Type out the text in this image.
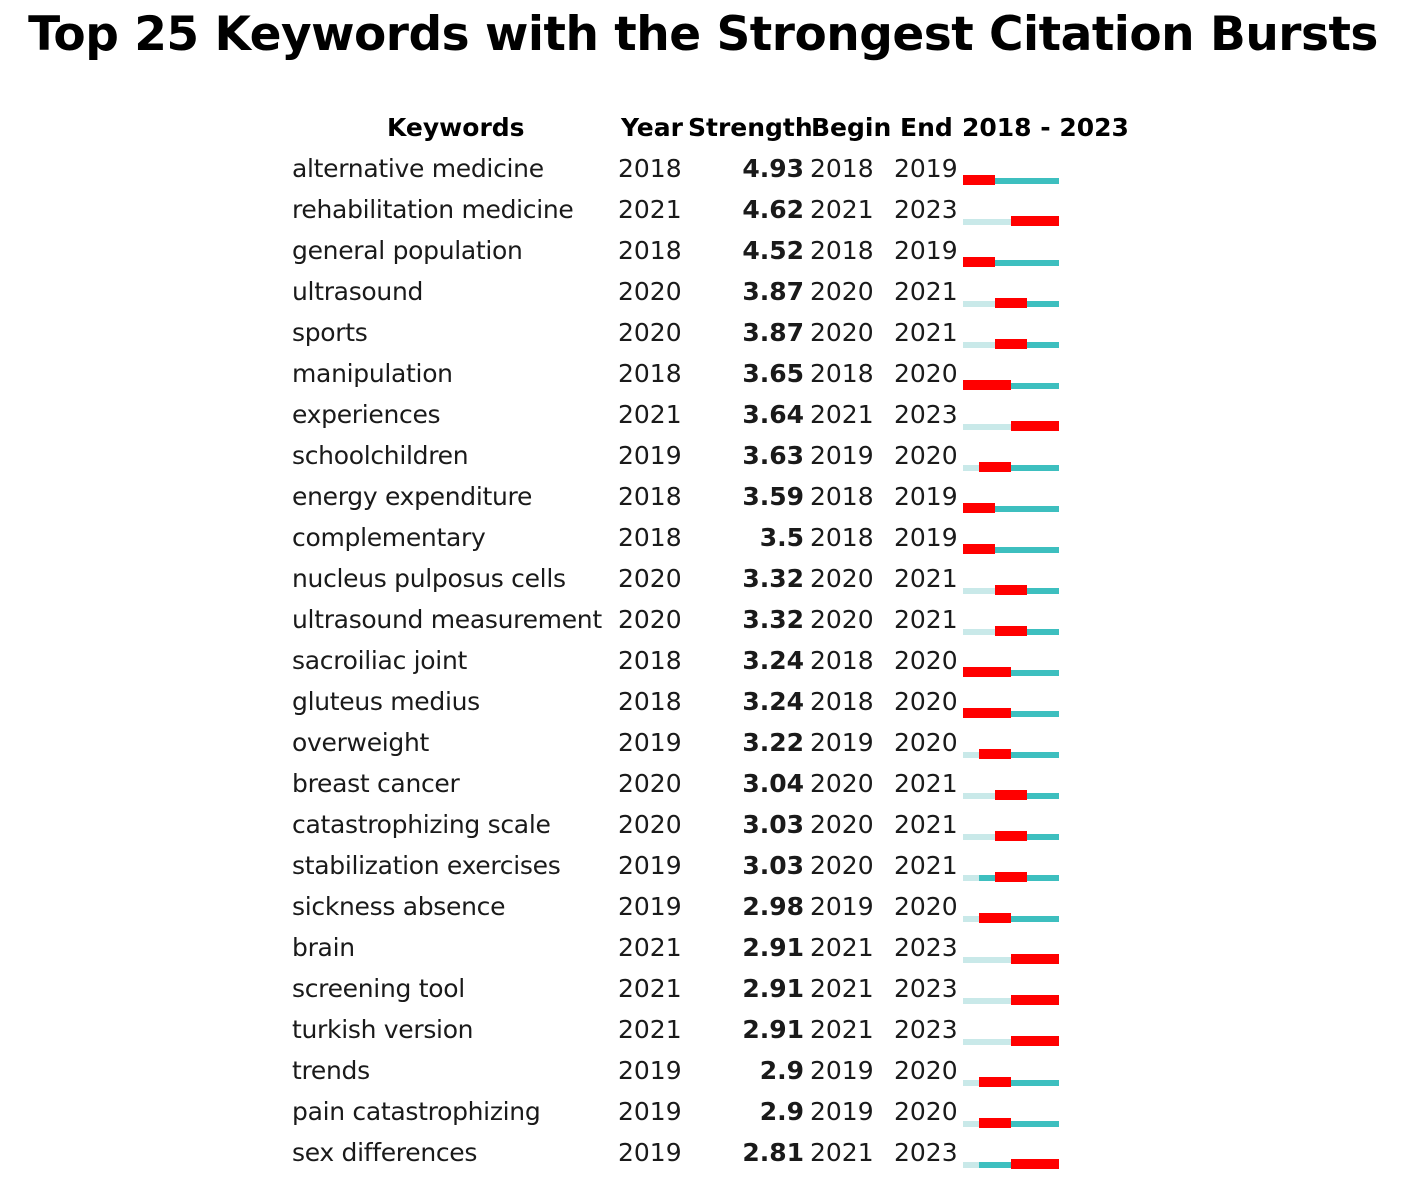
Top 25 Keywords with the Strongest Citation Bursts
Keywords	Year Strength
Begin End 2018 - 2023
alternative medicine	2018	4.93 2018 2019
rehabilitation medicine 2021	4.62 2021 2023
general population	2018	4.52 2018 2019
ultrasound	2020	3.87 2020 2021
sports	2020	3.87 2020 2021
manipulation	2018	3.65 2018 2020
experiences	2021	3.64 2021 2023
schoolchildren	2019	3.63 2019 2020
energy expenditure	2018	3.59 2018 2019
complementary	2018	3.5 2018 2019
nucleus pulposus cells 2020	3.32 2020 2021
ultrasound measurement 2020	3.32 2020 2021
sacroiliac joint	2018	3.24 2018 2020
gluteus medius	2018	3.24 2018 2020
overweight	2019	3.22 2019 2020
breast cancer	2020	3.04 2020 2021
catastrophizing scale	2020	3.03 2020 2021
stabilization exercises 2019	3.03 2020 2021
sickness absence	2019	2.98 2019 2020
brain	2021	2.91 2021 2023
screening tool	2021	2.91 2021 2023
turkish version	2021	2.91 2021 2023
trends	2019	2.9 2019 2020
pain catastrophizing	2019	2.9 2019 2020
sex differences	2019	2.81 2021 2023
